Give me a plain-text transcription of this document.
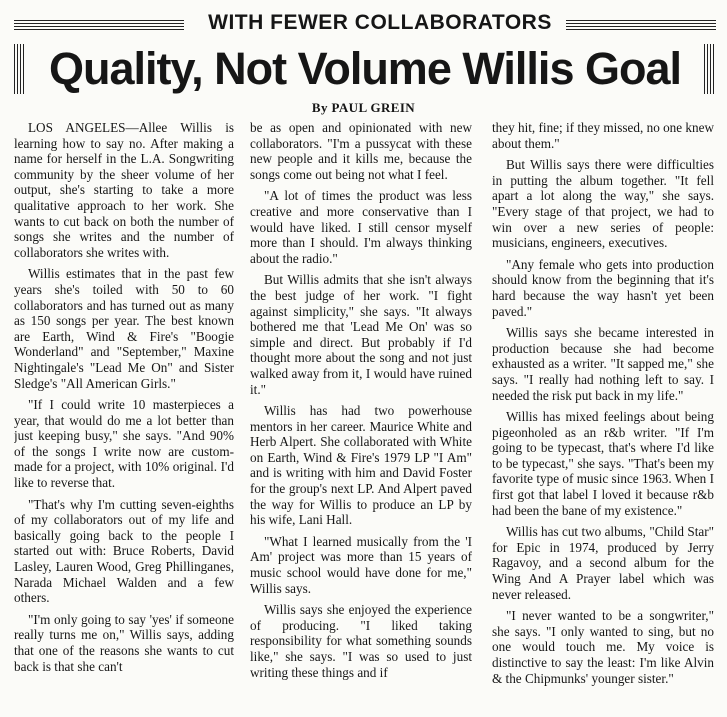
WITH FEWER COLLABORATORS
Quality, Not Volume Willis Goal
By PAUL GREIN

LOS ANGELES—Allee Willis is learning how to say no. After making a name for herself in the L.A. Songwriting community by the sheer volume of her output, she's starting to take a more qualitative approach to her work. She wants to cut back on both the number of songs she writes and the number of collaborators she writes with.

Willis estimates that in the past few years she's toiled with 50 to 60 collaborators and has turned out as many as 150 songs per year. The best known are Earth, Wind & Fire's "Boogie Wonderland" and "September," Maxine Nightingale's "Lead Me On" and Sister Sledge's "All American Girls."

"If I could write 10 masterpieces a year, that would do me a lot better than just keeping busy," she says. "And 90% of the songs I write now are custom-made for a project, with 10% original. I'd like to reverse that.

"That's why I'm cutting seven-eighths of my collaborators out of my life and basically going back to the people I started out with: Bruce Roberts, David Lasley, Lauren Wood, Greg Phillinganes, Narada Michael Walden and a few others.

"I'm only going to say 'yes' if someone really turns me on," Willis says, adding that one of the reasons she wants to cut back is that she can't

be as open and opinionated with new collaborators. "I'm a pussycat with these new people and it kills me, because the songs come out being not what I feel.

"A lot of times the product was less creative and more conservative than I would have liked. I still censor myself more than I should. I'm always thinking about the radio."

But Willis admits that she isn't always the best judge of her work. "I fight against simplicity," she says. "It always bothered me that 'Lead Me On' was so simple and direct. But probably if I'd thought more about the song and not just walked away from it, I would have ruined it."

Willis has had two powerhouse mentors in her career. Maurice White and Herb Alpert. She collaborated with White on Earth, Wind & Fire's 1979 LP "I Am" and is writing with him and David Foster for the group's next LP. And Alpert paved the way for Willis to produce an LP by his wife, Lani Hall.

"What I learned musically from the 'I Am' project was more than 15 years of music school would have done for me," Willis says.

Willis says she enjoyed the experience of producing. "I liked taking responsibility for what something sounds like," she says. "I was so used to just writing these things and if

they hit, fine; if they missed, no one knew about them."

But Willis says there were difficulties in putting the album together. "It fell apart a lot along the way," she says. "Every stage of that project, we had to win over a new series of people: musicians, engineers, executives.

"Any female who gets into production should know from the beginning that it's hard because the way hasn't yet been paved."

Willis says she became interested in production because she had become exhausted as a writer. "It sapped me," she says. "I really had nothing left to say. I needed the risk put back in my life."

Willis has mixed feelings about being pigeonholed as an r&b writer. "If I'm going to be typecast, that's where I'd like to be typecast," she says. "That's been my favorite type of music since 1963. When I first got that label I loved it because r&b had been the bane of my existence."

Willis has cut two albums, "Child Star" for Epic in 1974, produced by Jerry Ragavoy, and a second album for the Wing And A Prayer label which was never released.

"I never wanted to be a songwriter," she says. "I only wanted to sing, but no one would touch me. My voice is distinctive to say the least: I'm like Alvin & the Chipmunks' younger sister."
